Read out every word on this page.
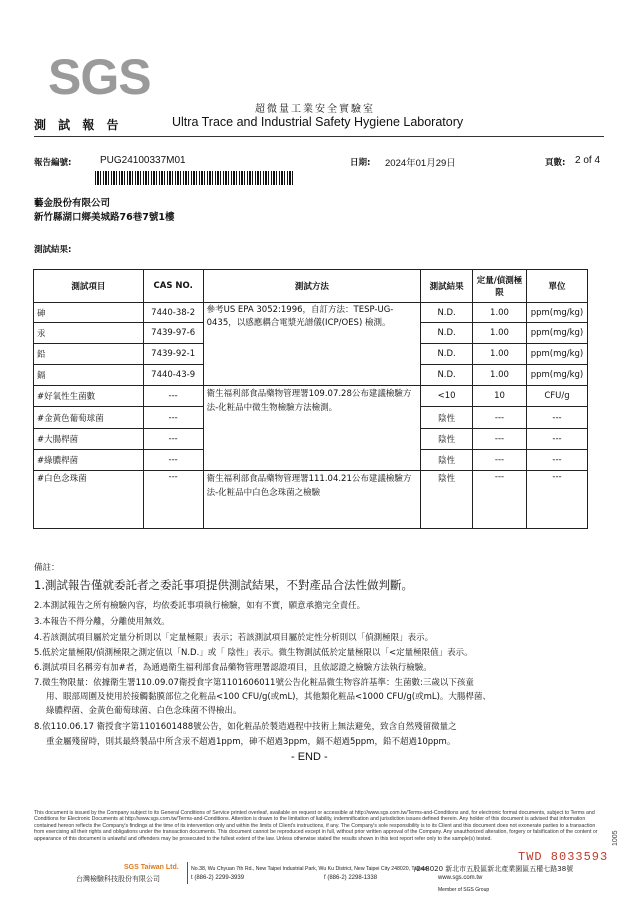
SGS
超微量工業安全實驗室
測 試 報 告	Ultra Trace and Industrial Safety Hygiene Laboratory
報告編號:	PUG24100337M01	日期: 2024年01月29日	頁數: 2 of 4
藝金股份有限公司
新竹縣湖口鄉美城路76巷7號1樓
測試結果:
測試項目	CAS NO.	測試方法	測試結果	定量/偵測極限	單位
砷	7440-38-2	參考US EPA 3052:1996，自訂方法：TESP-UG-0435，以感應耦合電漿光譜儀(ICP/OES) 檢測。	N.D.	1.00	ppm(mg/kg)
汞	7439-97-6		N.D.	1.00	ppm(mg/kg)
鉛	7439-92-1		N.D.	1.00	ppm(mg/kg)
鎘	7440-43-9		N.D.	1.00	ppm(mg/kg)
#好氧性生菌數	---	衛生福利部食品藥物管理署109.07.28公布建議檢驗方法-化粧品中微生物檢驗方法檢測。	<10	10	CFU/g
#金黃色葡萄球菌	---		陰性	---	---
#大腸桿菌	---		陰性	---	---
#綠膿桿菌	---		陰性	---	---
#白色念珠菌	---	衛生福利部食品藥物管理署111.04.21公布建議檢驗方法-化粧品中白色念珠菌之檢驗	陰性	---	---
備註：
1.測試報告僅就委託者之委託事項提供測試結果，不對產品合法性做判斷。
2.本測試報告之所有檢驗內容，均依委託事項執行檢驗，如有不實，願意承擔完全責任。
3.本報告不得分離，分離使用無效。
4.若該測試項目屬於定量分析則以「定量極限」表示；若該測試項目屬於定性分析則以「偵測極限」表示。
5.低於定量極限/偵測極限之測定值以「N.D.」或「 陰性」表示。微生物測試低於定量極限以「<定量極限值」表示。
6.測試項目名稱旁有加#者，為通過衛生福利部食品藥物管理署認證項目，且依認證之檢驗方法執行檢驗。
7.微生物限量：依據衛生署110.09.07衛授食字第1101606011號公告化粧品微生物容許基準：生菌數:三歲以下孩童
用、眼部周圍及使用於接觸黏膜部位之化粧品<100 CFU/g(或mL)，其他類化粧品<1000 CFU/g(或mL)。大腸桿菌、
綠膿桿菌、金黃色葡萄球菌、白色念珠菌不得檢出。
8.依110.06.17 衛授食字第1101601488號公告，如化粧品於製造過程中技術上無法避免，致含自然殘留微量之
重金屬殘留時，則其最終製品中所含汞不超過1ppm，砷不超過3ppm，鎘不超過5ppm，鉛不超過10ppm。
- END -
This document is issued by the Company subject to its General Conditions of Service printed overleaf, available on request or accessible at http://www.sgs.com.tw/Terms-and-Conditions and, for electronic format documents, subject to Terms and Conditions for Electronic Documents at http://www.sgs.com.tw/Terms-and-Conditions. Attention is drawn to the limitation of liability, indemnification and jurisdiction issues defined therein. Any holder of this document is advised that information contained hereon reflects the Company's findings at the time of its intervention only and within the limits of Client's instructions, if any. The Company's sole responsibility is to its Client and this document does not exonerate parties to a transaction from exercising all their rights and obligations under the transaction documents. This document cannot be reproduced except in full, without prior written approval of the Company. Any unauthorized alteration, forgery or falsification of the content or appearance of this document is unlawful and offenders may be prosecuted to the fullest extent of the law. Unless otherwise stated the results shown in this test report refer only to the sample(s) tested.
SGS Taiwan Ltd.
台灣檢驗科技股份有限公司
No.38, Wu Chyuan 7th Rd., New Taipei Industrial Park, Wu Ku District, New Taipei City 248020, Taiwan
/248020 新北市五股區新北產業園區五權七路38號
t (886-2) 2299-3939	f (886-2) 2298-1338	www.sgs.com.tw
Member of SGS Group
TWD 8033593
1005
